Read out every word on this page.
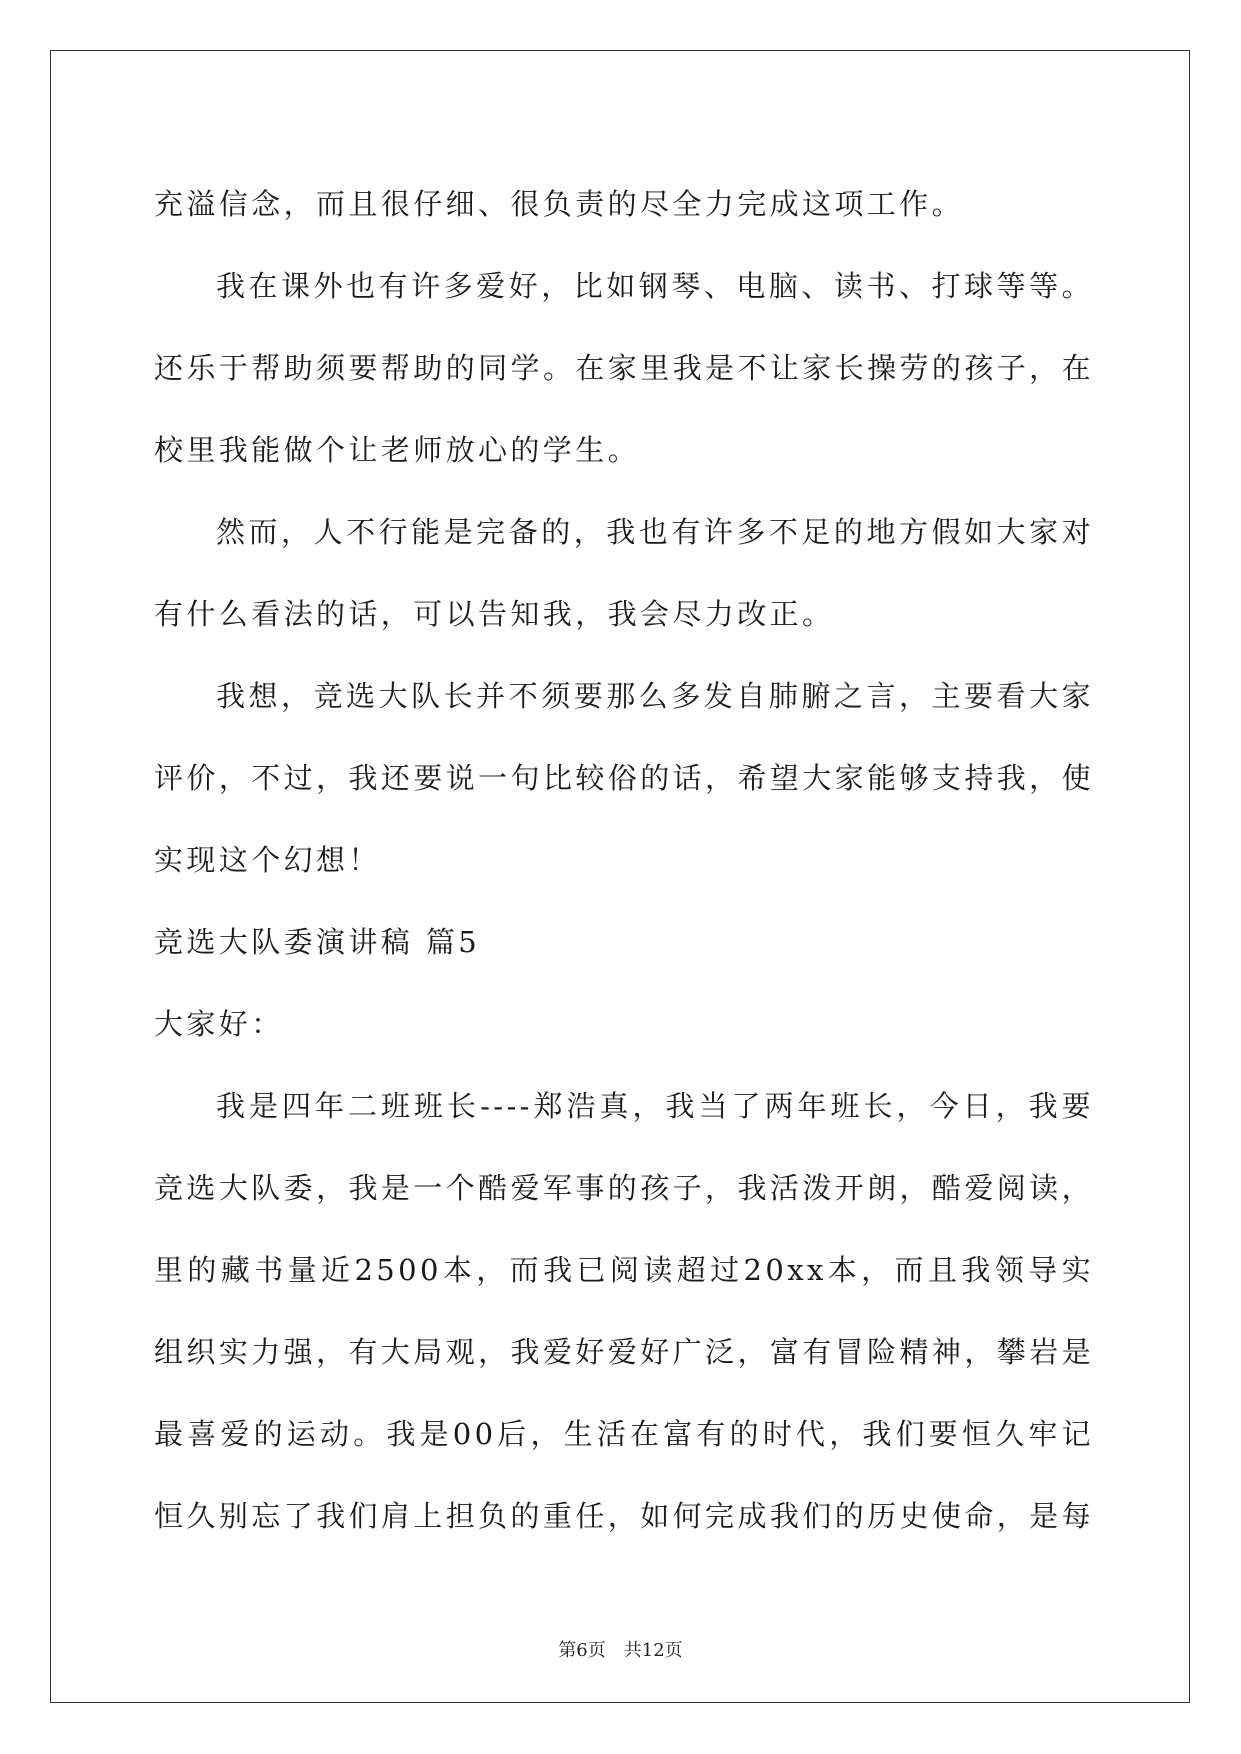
充溢信念，而且很仔细、很负责的尽全力完成这项工作。
我在课外也有许多爱好，比如钢琴、电脑、读书、打球等等。
还乐于帮助须要帮助的同学。在家里我是不让家长操劳的孩子，在
校里我能做个让老师放心的学生。
然而，人不行能是完备的，我也有许多不足的地方假如大家对
有什么看法的话，可以告知我，我会尽力改正。
我想，竞选大队长并不须要那么多发自肺腑之言，主要看大家
评价，不过，我还要说一句比较俗的话，希望大家能够支持我，使
实现这个幻想！
竞选大队委演讲稿 篇5
大家好：
我是四年二班班长----郑浩真，我当了两年班长，今日，我要
竞选大队委，我是一个酷爱军事的孩子，我活泼开朗，酷爱阅读，
里的藏书量近2500本，而我已阅读超过20xx本，而且我领导实
组织实力强，有大局观，我爱好爱好广泛，富有冒险精神，攀岩是
最喜爱的运动。我是00后，生活在富有的时代，我们要恒久牢记
恒久别忘了我们肩上担负的重任，如何完成我们的历史使命，是每
第6页 共12页
